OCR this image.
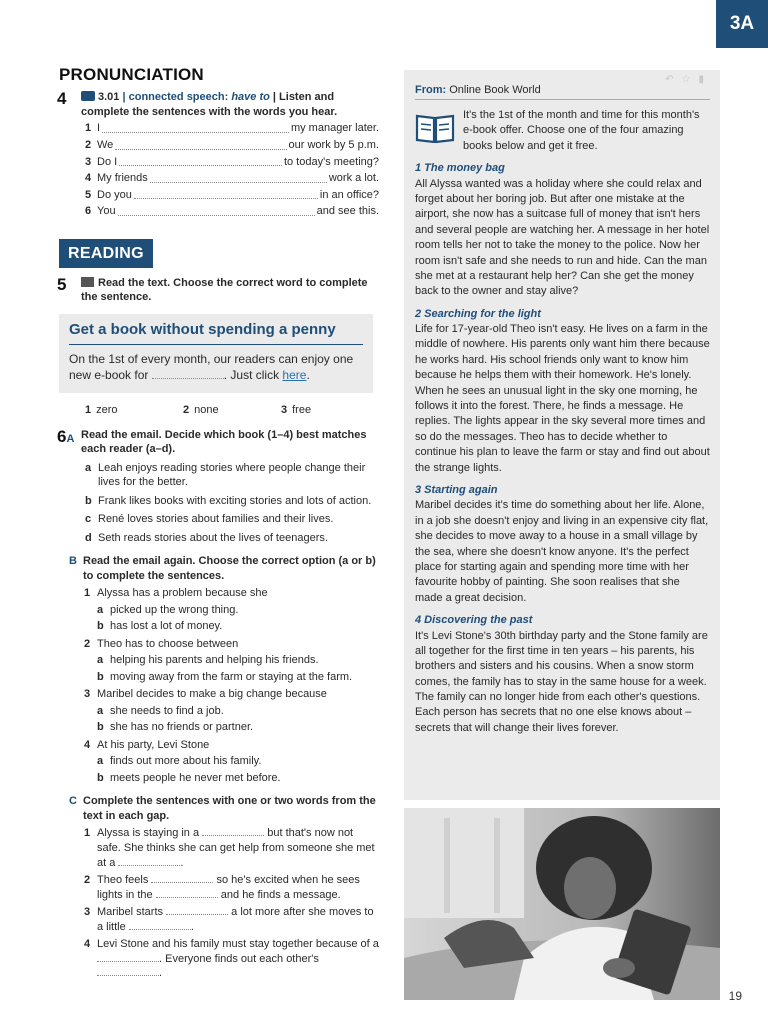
3A
PRONUNCIATION
4	3.01 | connected speech: have to | Listen and complete the sentences with the words you hear.
1 I	my manager later.
2 We	our work by 5 p.m.
3 Do I	to today's meeting?
4 My friends	work a lot.
5 Do you	in an office?
6 You	and see this.
READING
5	Read the text. Choose the correct word to complete the sentence.
Get a book without spending a penny
On the 1st of every month, our readers can enjoy one new e-book for	. Just click here.
1 zero	2 none	3 free
6A Read the email. Decide which book (1–4) best matches each reader (a–d).
a Leah enjoys reading stories where people change their lives for the better.
b Frank likes books with exciting stories and lots of action.
c René loves stories about families and their lives.
d Seth reads stories about the lives of teenagers.
B Read the email again. Choose the correct option (a or b) to complete the sentences.
1 Alyssa has a problem because she
a picked up the wrong thing.
b has lost a lot of money.
2 Theo has to choose between
a helping his parents and helping his friends.
b moving away from the farm or staying at the farm.
3 Maribel decides to make a big change because
a she needs to find a job.
b she has no friends or partner.
4 At his party, Levi Stone
a finds out more about his family.
b meets people he never met before.
C Complete the sentences with one or two words from the text in each gap.
1 Alyssa is staying in a	but that's now not safe. She thinks she can get help from someone she met at a	.
2 Theo feels	so he's excited when he sees lights in the	and he finds a message.
3 Maribel starts	a lot more after she moves to a little	.
4 Levi Stone and his family must stay together because of a . Everyone finds out each other's .
↶☆▮
From: Online Book World
It's the 1st of the month and time for this month's e-book offer. Choose one of the four amazing books below and get it free.
1 The money bag
All Alyssa wanted was a holiday where she could relax and forget about her boring job. But after one mistake at the airport, she now has a suitcase full of money that isn't hers and several people are watching her. A message in her hotel room tells her not to take the money to the police. Now her room isn't safe and she needs to run and hide. Can the man she met at a restaurant help her? Can she get the money back to the owner and stay alive?
2 Searching for the light
Life for 17-year-old Theo isn't easy. He lives on a farm in the middle of nowhere. His parents only want him there because he works hard. His school friends only want to know him because he helps them with their homework. He's lonely. When he sees an unusual light in the sky one morning, he follows it into the forest. There, he finds a message. He replies. The lights appear in the sky several more times and so do the messages. Theo has to decide whether to continue his plan to leave the farm or stay and find out about the strange lights.
3 Starting again
Maribel decides it's time do something about her life. Alone, in a job she doesn't enjoy and living in an expensive city flat, she decides to move away to a house in a small village by the sea, where she doesn't know anyone. It's the perfect place for starting again and spending more time with her favourite hobby of painting. She soon realises that she made a great decision.
4 Discovering the past
It's Levi Stone's 30th birthday party and the Stone family are all together for the first time in ten years – his parents, his brothers and sisters and his cousins. When a snow storm comes, the family has to stay in the same house for a week. The family can no longer hide from each other's questions. Each person has secrets that no one else knows about – secrets that will change their lives forever.
19
